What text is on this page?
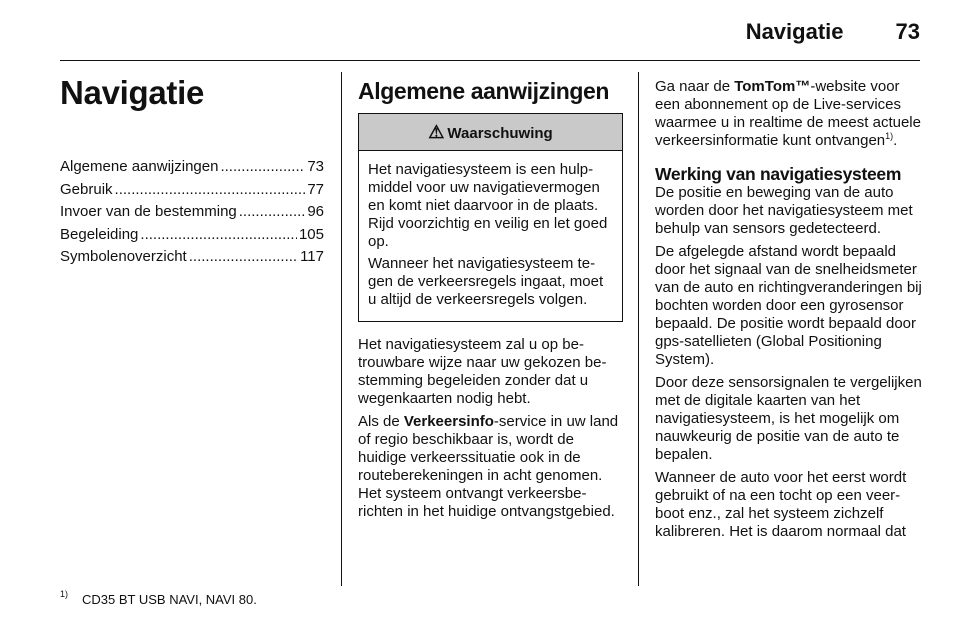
Navigatie 73
Navigatie
Algemene aanwijzingen .....	73
Gebruik .....	77
Invoer van de bestemming .....	96
Begeleiding .....	105
Symbolenoverzicht .....	117
Algemene aanwijzingen
⚠ Waarschuwing

Het navigatiesysteem is een hulpmiddel voor uw navigatievermogen en komt niet daarvoor in de plaats. Rijd voorzichtig en veilig en let goed op.

Wanneer het navigatiesysteem tegen de verkeersregels ingaat, moet u altijd de verkeersregels volgen.

Het navigatiesysteem zal u op betrouwbare wijze naar uw gekozen bestemming begeleiden zonder dat u wegenkaarten nodig hebt.

Als de Verkeersinfo-service in uw land of regio beschikbaar is, wordt de huidige verkeerssituatie ook in de routeberekeningen in acht genomen. Het systeem ontvangt verkeersberichten in het huidige ontvangstgebied.

Ga naar de TomTom™-website voor een abonnement op de Live-services waarmee u in realtime de meest actuele verkeersinformatie kunt ontvangen$^{1)}$.

Werking van navigatiesysteem

De positie en beweging van de auto worden door het navigatiesysteem met behulp van sensors gedetecteerd.

De afgelegde afstand wordt bepaald door het signaal van de snelheidsmeter van de auto en richtingveranderingen bij bochten worden door een gyrosensor bepaald. De positie wordt bepaald door gps-satellieten (Global Positioning System).

Door deze sensorsignalen te vergelijken met de digitale kaarten van het navigatiesysteem, is het mogelijk om nauwkeurig de positie van de auto te bepalen.

Wanneer de auto voor het eerst wordt gebruikt of na een tocht op een veerboot enz., zal het systeem zichzelf kalibreren. Het is daarom normaal dat

1) CD35 BT USB NAVI, NAVI 80.
